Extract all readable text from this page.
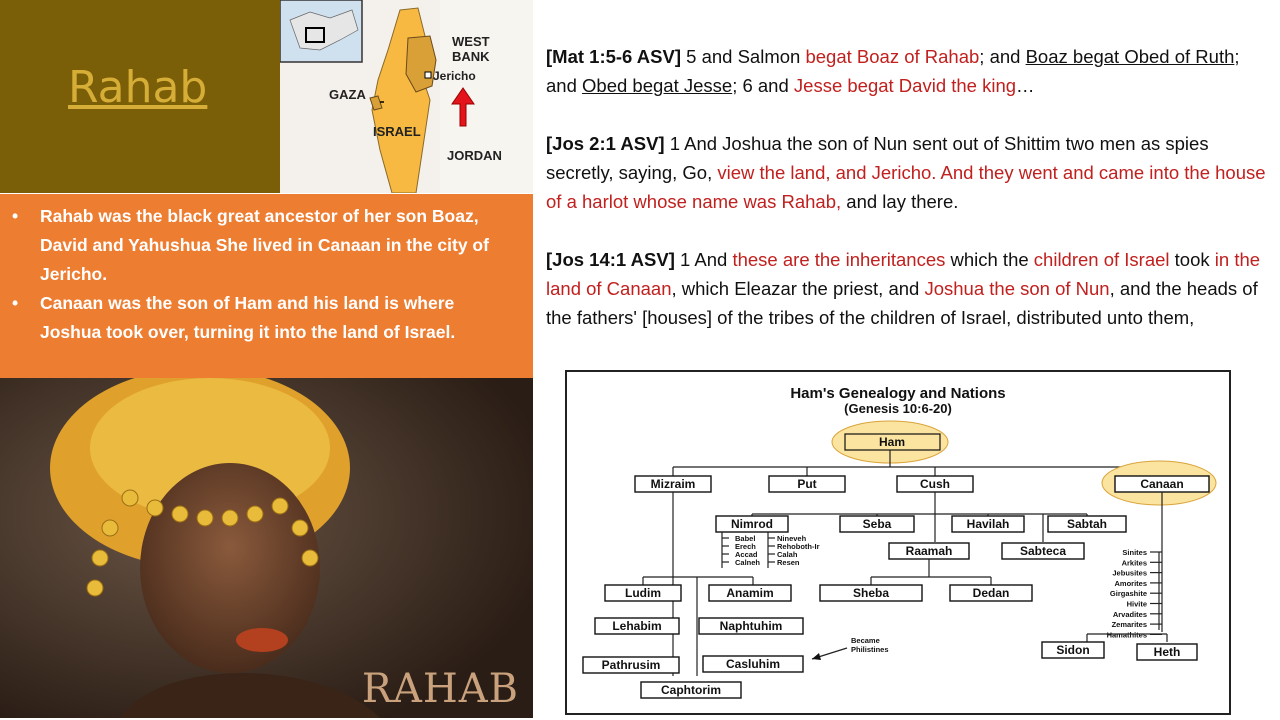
Rahab
WEST
BANK
Jericho
GAZA
ISRAEL
JORDAN
•	Rahab was the black great ancestor of her son Boaz, David and Yahushua She lived in Canaan in the city of Jericho.
•	Canaan was the son of Ham and his land is where Joshua took over, turning it into the land of Israel.
RAHAB

[Mat 1:5-6 ASV] 5 and Salmon begat Boaz of Rahab; and Boaz begat Obed of Ruth; and Obed begat Jesse; 6 and Jesse begat David the king…

[Jos 2:1 ASV] 1 And Joshua the son of Nun sent out of Shittim two men as spies secretly, saying, Go, view the land, and Jericho. And they went and came into the house of a harlot whose name was Rahab, and lay there.

[Jos 14:1 ASV] 1 And these are the inheritances which the children of Israel took in the land of Canaan, which Eleazar the priest, and Joshua the son of Nun, and the heads of the fathers' [houses] of the tribes of the children of Israel, distributed unto them,

Ham's Genealogy and Nations
(Genesis 10:6-20)
Ham
Mizraim	Put	Cush	Canaan
Nimrod	Seba	Havilah	Sabtah
Raamah	Sabteca
Babel
Erech
Accad
Calneh
Nineveh
Rehoboth-Ir
Calah
Resen
Sheba	Dedan
Ludim	Anamim
Lehabim	Naphtuhim
Pathrusim	Casluhim
Caphtorim
Became
Philistines
Sinites
Arkites
Jebusites
Amorites
Girgashite
Hivite
Arvadites
Zemarites
Hamathites
Sidon	Heth
